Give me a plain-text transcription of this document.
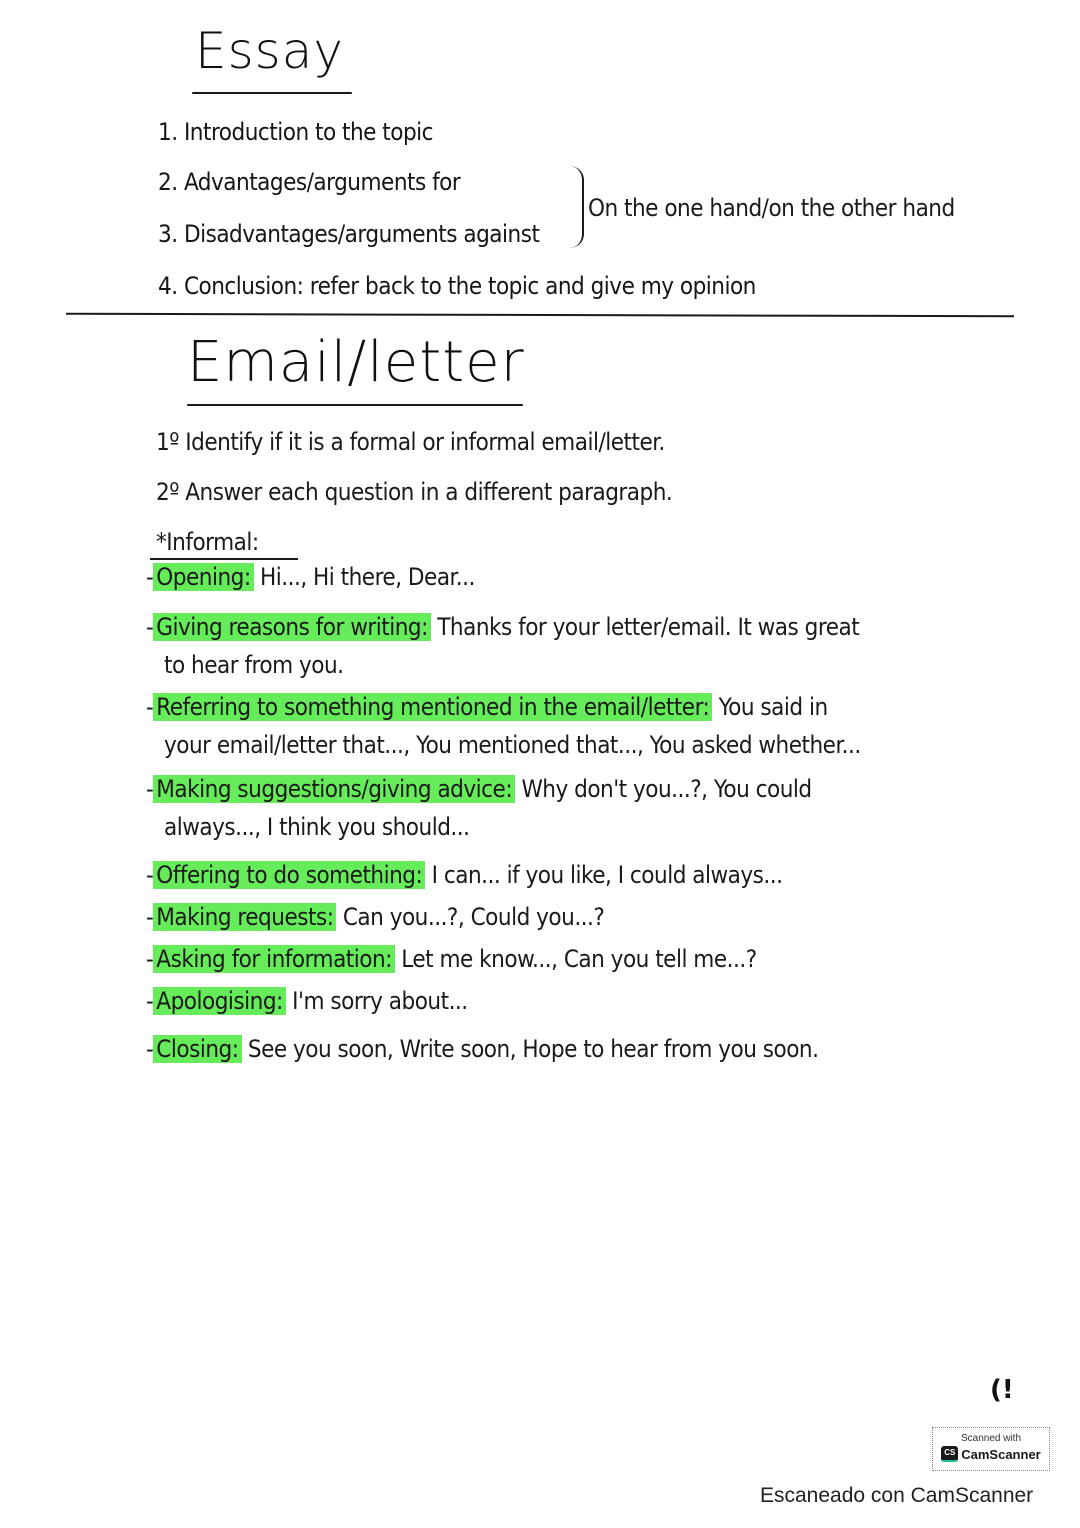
Essay
1. Introduction to the topic
2. Advantages/arguments for
3. Disadvantages/arguments against
4. Conclusion: refer back to the topic and give my opinion
On the one hand/on the other hand
Email/letter
1º Identify if it is a formal or informal email/letter.
2º Answer each question in a different paragraph.
*Informal:
- Opening: Hi..., Hi there, Dear...
- Giving reasons for writing: Thanks for your letter/email. It was great
to hear from you.
- Referring to something mentioned in the email/letter: You said in
your email/letter that..., You mentioned that..., You asked whether...
- Making suggestions/giving advice: Why don't you...?, You could
always..., I think you should...
- Offering to do something: I can... if you like, I could always...
- Making requests: Can you...?, Could you...?
- Asking for information: Let me know..., Can you tell me...?
- Apologising: I'm sorry about...
- Closing: See you soon, Write soon, Hope to hear from you soon.
(!
Scanned with
CS CamScanner
Escaneado con CamScanner
